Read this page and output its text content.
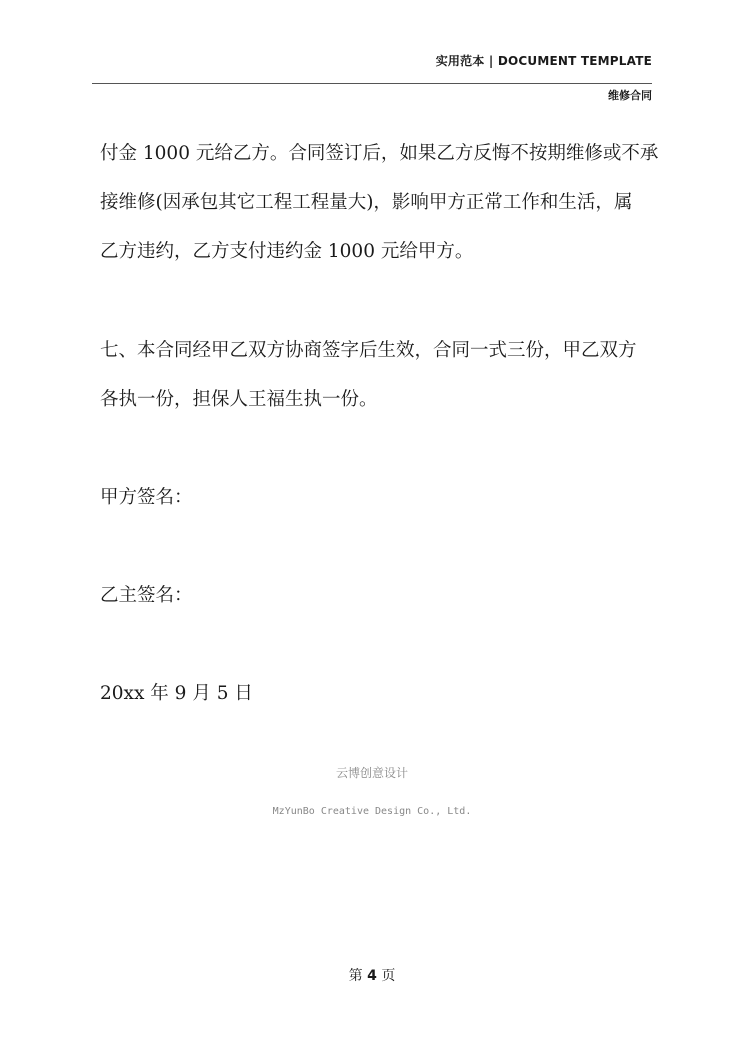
实用范本 | DOCUMENT TEMPLATE
维修合同
付金 1000 元给乙方。合同签订后，如果乙方反悔不按期维修或不承
接维修(因承包其它工程工程量大)，影响甲方正常工作和生活，属
乙方违约，乙方支付违约金 1000 元给甲方。
七、本合同经甲乙双方协商签字后生效，合同一式三份，甲乙双方
各执一份，担保人王福生执一份。
甲方签名：
乙主签名：
20xx 年 9 月 5 日
云博创意设计
MzYunBo Creative Design Co., Ltd.
第 4 页
